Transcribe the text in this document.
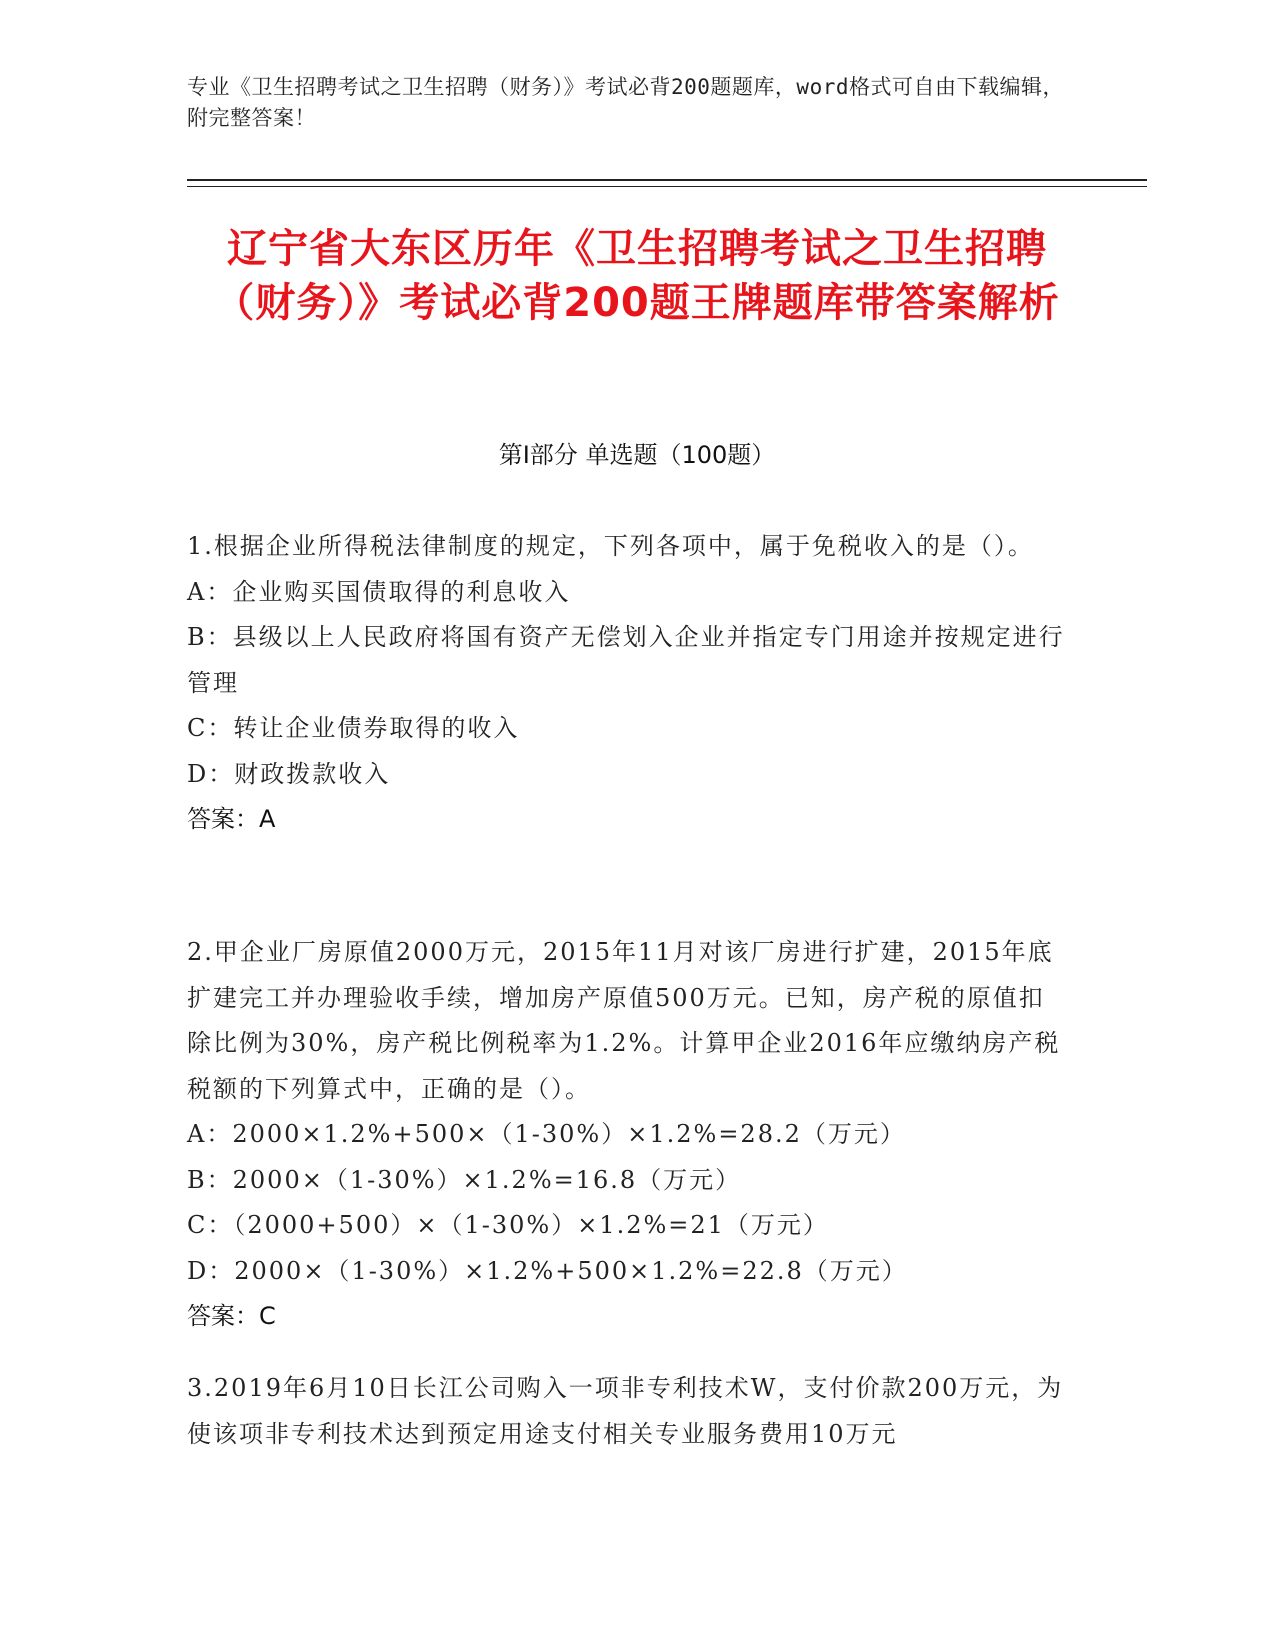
专业《卫生招聘考试之卫生招聘（财务）》考试必背200题题库，word格式可自由下载编辑，附完整答案！
辽宁省大东区历年《卫生招聘考试之卫生招聘（财务）》考试必背200题王牌题库带答案解析
第Ⅰ部分 单选题（100题）

1.根据企业所得税法律制度的规定，下列各项中，属于免税收入的是（）。

A：企业购买国债取得的利息收入

B：县级以上人民政府将国有资产无偿划入企业并指定专门用途并按规定进行管理

C：转让企业债券取得的收入

D：财政拨款收入

答案：A

2.甲企业厂房原值2000万元，2015年11月对该厂房进行扩建，2015年底扩建完工并办理验收手续，增加房产原值500万元。已知，房产税的原值扣除比例为30%，房产税比例税率为1.2%。计算甲企业2016年应缴纳房产税税额的下列算式中，正确的是（）。

A：2000×1.2%+500×（1-30%）×1.2%=28.2（万元）

B：2000×（1-30%）×1.2%=16.8（万元）

C：（2000+500）×（1-30%）×1.2%=21（万元）

D：2000×（1-30%）×1.2%+500×1.2%=22.8（万元）

答案：C

3.2019年6月10日长江公司购入一项非专利技术W，支付价款200万元，为使该项非专利技术达到预定用途支付相关专业服务费用10万元
